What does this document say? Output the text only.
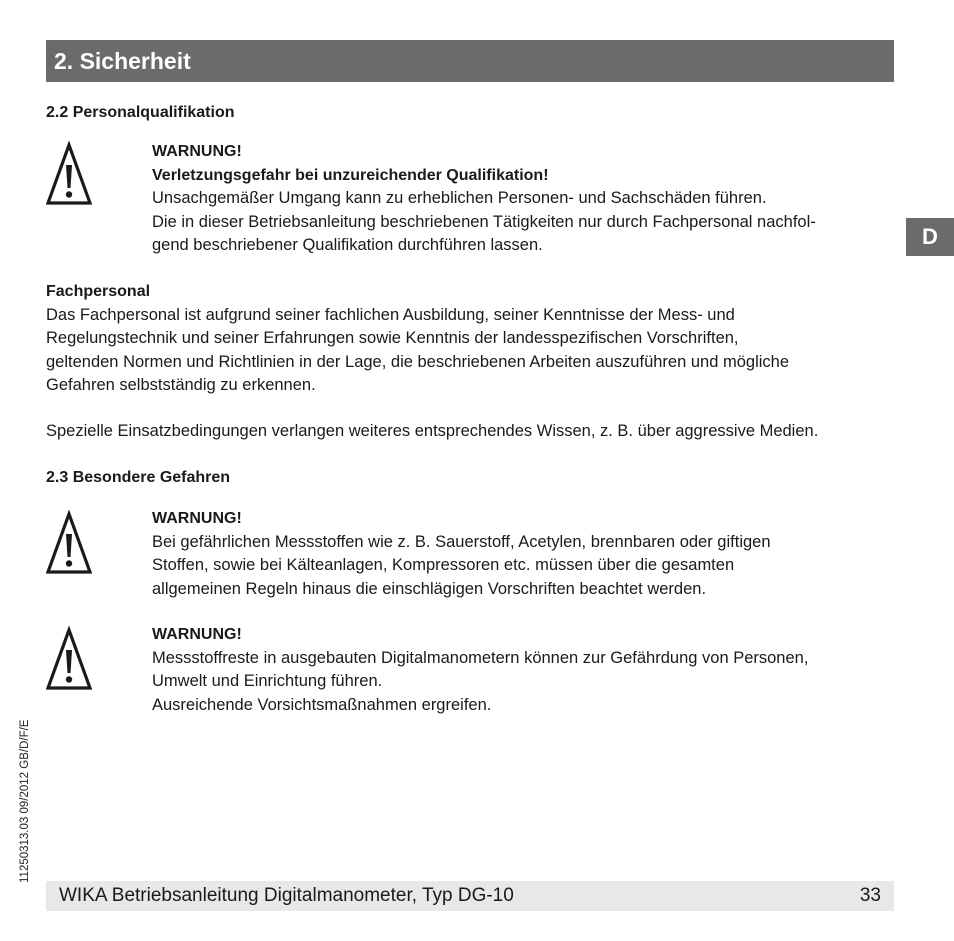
2. Sicherheit
D
2.2 Personalqualifikation
WARNUNG!
Verletzungsgefahr bei unzureichender Qualifikation!
Unsachgemäßer Umgang kann zu erheblichen Personen- und Sachschäden führen.
Die in dieser Betriebsanleitung beschriebenen Tätigkeiten nur durch Fachpersonal nachfol-
gend beschriebener Qualifikation durchführen lassen.
Fachpersonal
Das Fachpersonal ist aufgrund seiner fachlichen Ausbildung, seiner Kenntnisse der Mess- und
Regelungstechnik und seiner Erfahrungen sowie Kenntnis der landesspezifischen Vorschriften,
geltenden Normen und Richtlinien in der Lage, die beschriebenen Arbeiten auszuführen und mögliche
Gefahren selbstständig zu erkennen.
Spezielle Einsatzbedingungen verlangen weiteres entsprechendes Wissen, z. B. über aggressive Medien.
2.3 Besondere Gefahren
WARNUNG!
Bei gefährlichen Messstoffen wie z. B. Sauerstoff, Acetylen, brennbaren oder giftigen
Stoffen, sowie bei Kälteanlagen, Kompressoren etc. müssen über die gesamten
allgemeinen Regeln hinaus die einschlägigen Vorschriften beachtet werden.
WARNUNG!
Messstoffreste in ausgebauten Digitalmanometern können zur Gefährdung von Personen,
Umwelt und Einrichtung führen.
Ausreichende Vorsichtsmaßnahmen ergreifen.
11250313.03 09/2012 GB/D/F/E
WIKA Betriebsanleitung Digitalmanometer, Typ DG-10	33
